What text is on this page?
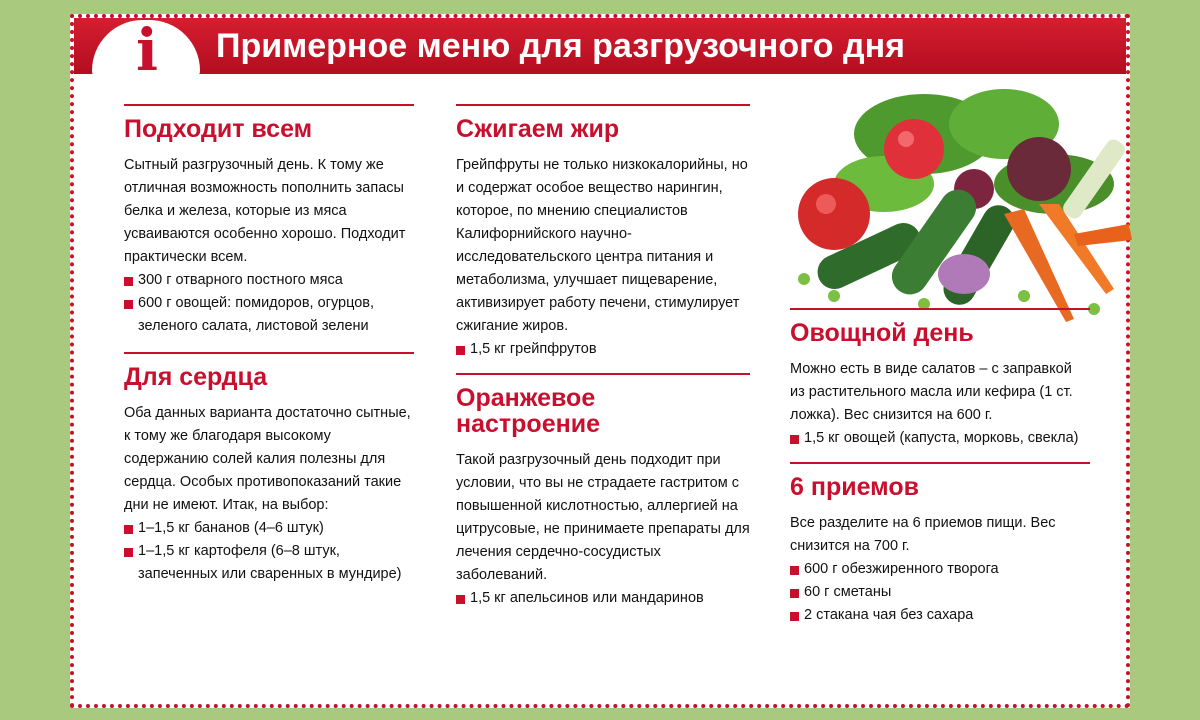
i	Примерное меню для разгрузочного дня
Подходит всем
Сытный разгрузочный день. К тому же отличная возможность пополнить запасы белка и железа, которые из мяса усваиваются особенно хорошо. Подходит практически всем.
300 г отварного постного мяса
600 г овощей: помидоров, огурцов, зеленого салата, листовой зелени
Для сердца
Оба данных варианта достаточно сытные, к тому же благодаря высокому содержанию солей калия полезны для сердца. Особых противопоказаний такие дни не имеют. Итак, на выбор:
1–1,5 кг бананов (4–6 штук)
1–1,5 кг картофеля (6–8 штук, запеченных или сваренных в мундире)
Сжигаем жир
Грейпфруты не только низкокалорийны, но и содержат особое вещество нарингин, которое, по мнению специалистов Калифорнийского научно-исследовательского центра питания и метаболизма, улучшает пищеварение, активизирует работу печени, стимулирует сжигание жиров.
1,5 кг грейпфрутов
Оранжевое настроение
Такой разгрузочный день подходит при условии, что вы не страдаете гастритом с повышенной кислотностью, аллергией на цитрусовые, не принимаете препараты для лечения сердечно-сосудистых заболеваний.
1,5 кг апельсинов или мандаринов
Овощной день
Можно есть в виде салатов – с заправкой из растительного масла или кефира (1 ст. ложка). Вес снизится на 600 г.
1,5 кг овощей (капуста, морковь, свекла)
6 приемов
Все разделите на 6 приемов пищи. Вес снизится на 700 г.
600 г обезжиренного творога
60 г сметаны
2 стакана чая без сахара
